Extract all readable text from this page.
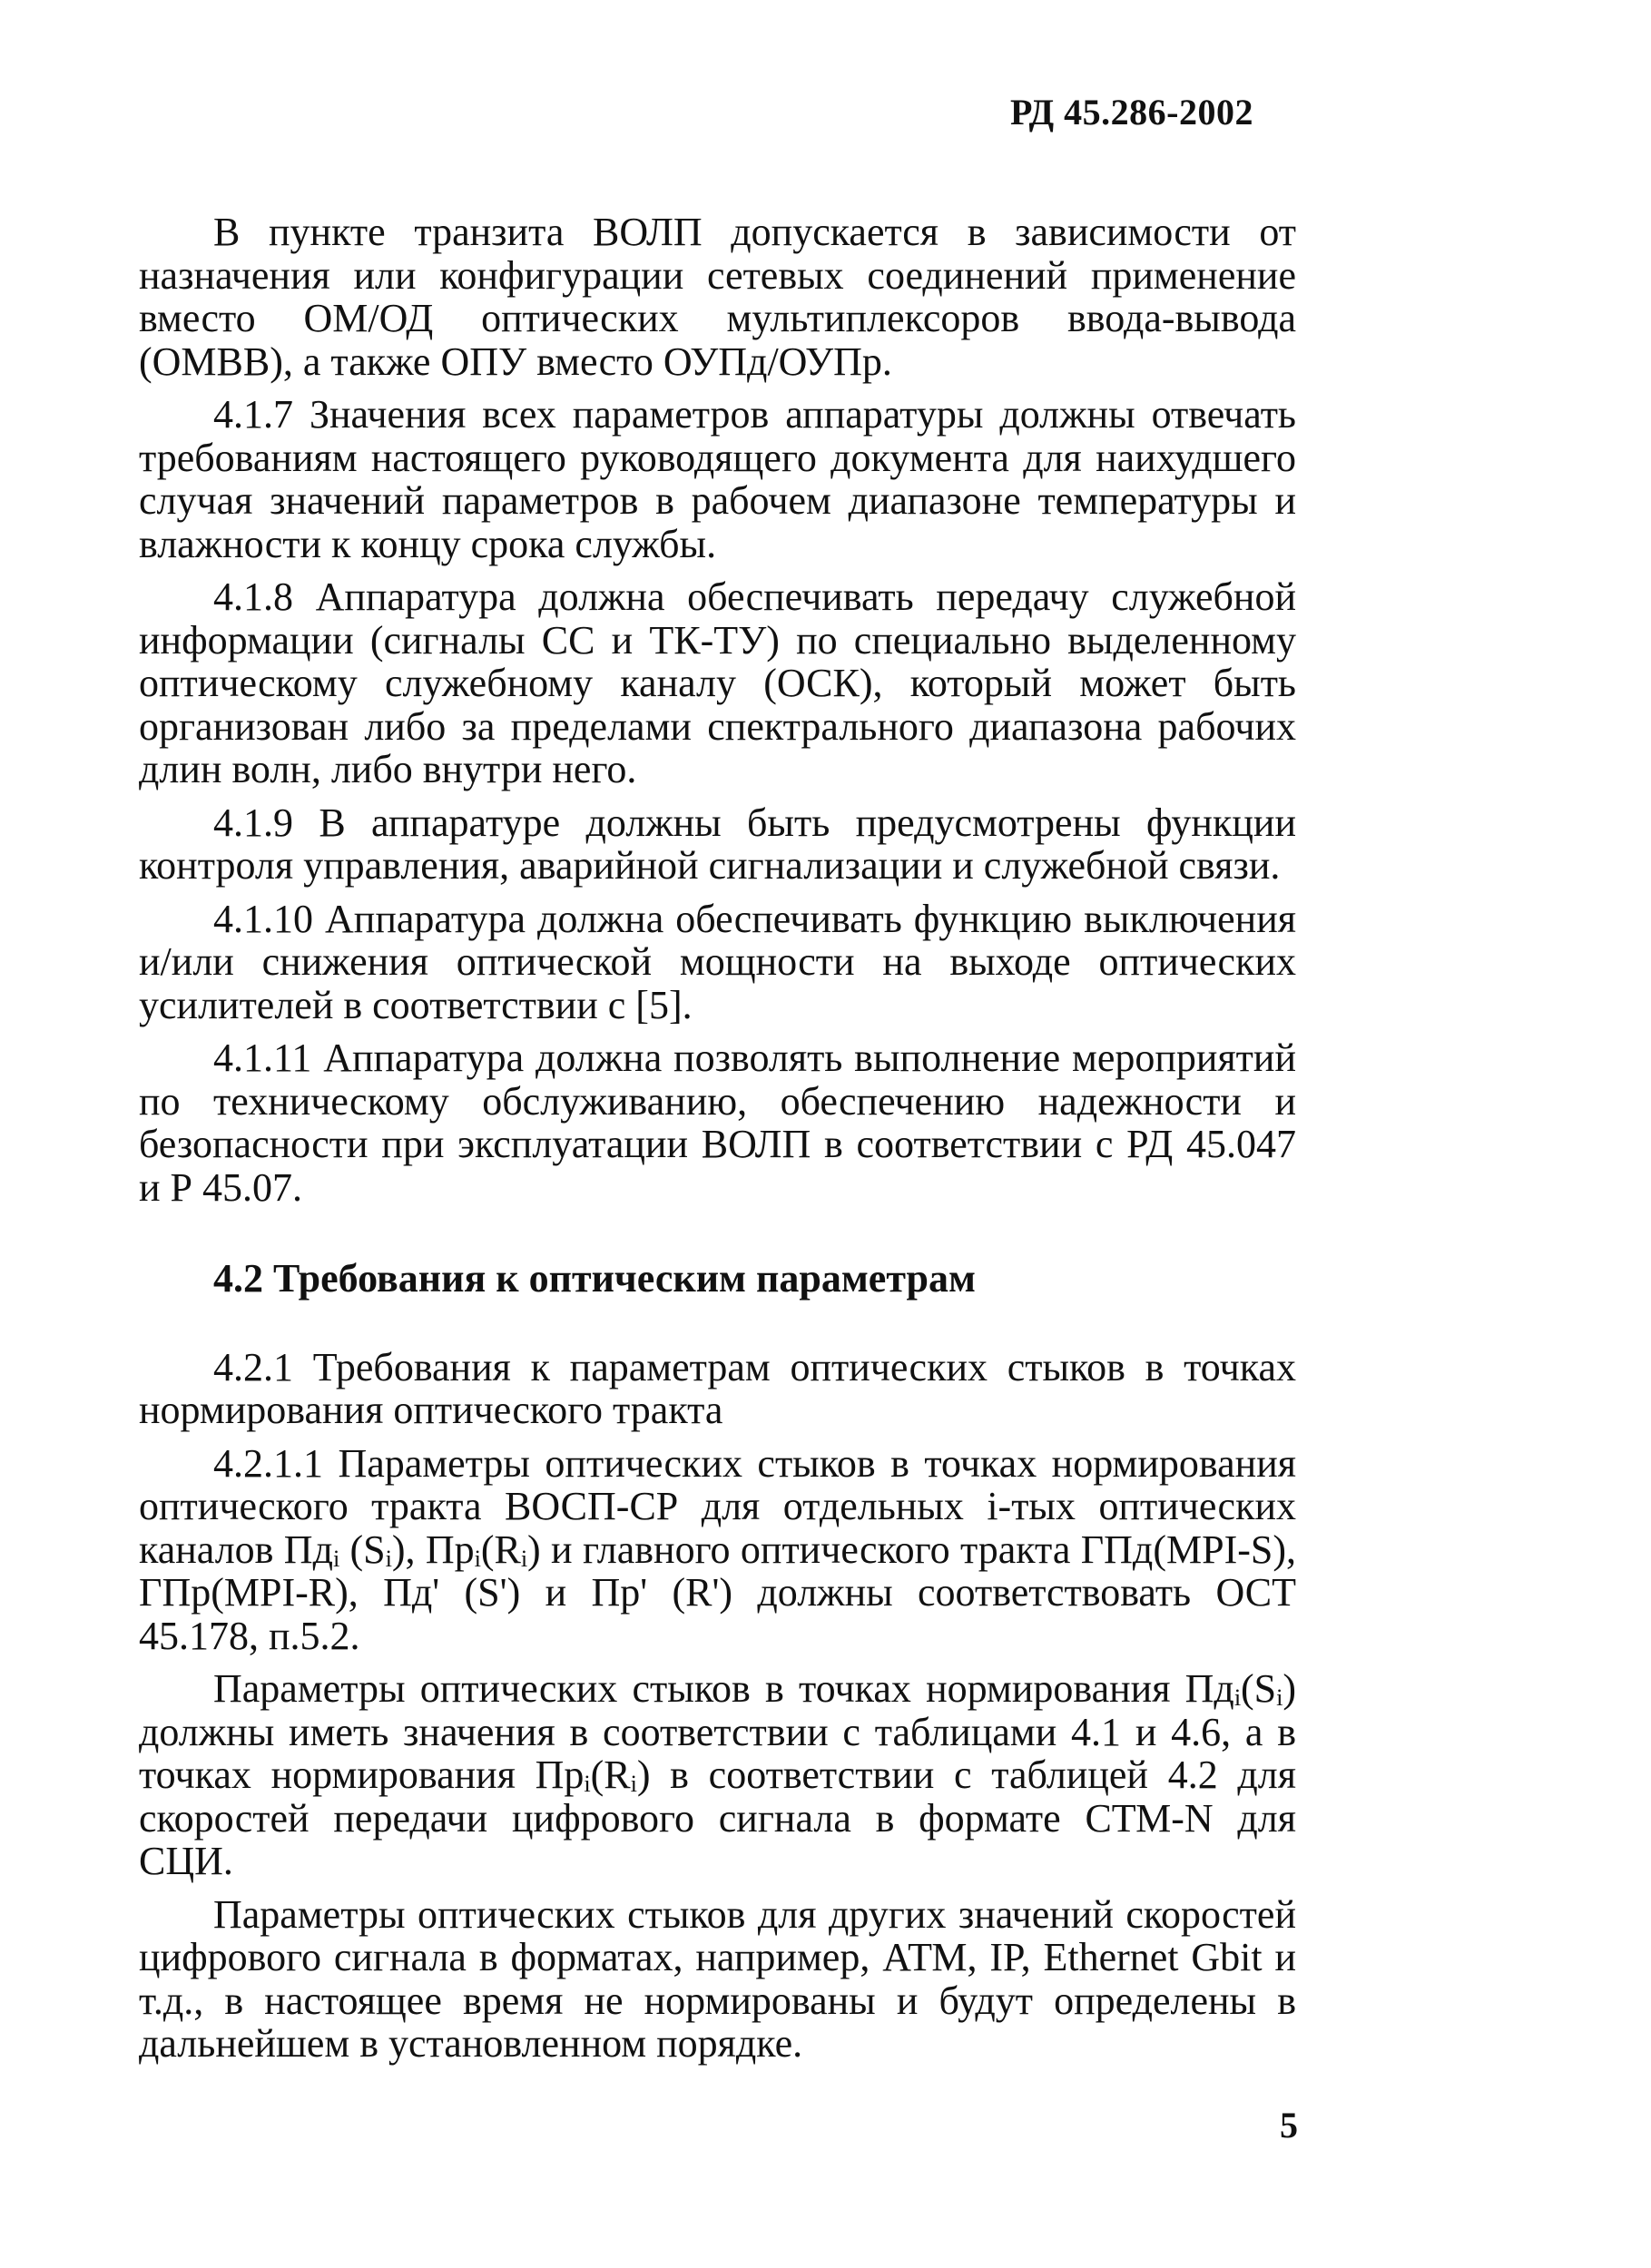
РД 45.286-2002

В пункте транзита ВОЛП допускается в зависимости от назначения или конфигурации сетевых соединений применение вместо ОМ/ОД оптических мультиплексоров ввода-вывода (ОМВВ), а также ОПУ вместо ОУПд/ОУПр.

4.1.7 Значения всех параметров аппаратуры должны отвечать требованиям настоящего руководящего документа для наихудшего случая значений параметров в рабочем диапазоне температуры и влажности к концу срока службы.

4.1.8 Аппаратура должна обеспечивать передачу служебной информации (сигналы СС и ТК-ТУ) по специально выделенному оптическому служебному каналу (ОСК), который может быть организован либо за пределами спектрального диапазона рабочих длин волн, либо внутри него.

4.1.9 В аппаратуре должны быть предусмотрены функции контроля управления, аварийной сигнализации и служебной связи.

4.1.10 Аппаратура должна обеспечивать функцию выключения и/или снижения оптической мощности на выходе оптических усилителей в соответствии с [5].

4.1.11 Аппаратура должна позволять выполнение мероприятий по техническому обслуживанию, обеспечению надежности и безопасности при эксплуатации ВОЛП в соответствии с РД 45.047 и Р 45.07.

4.2 Требования к оптическим параметрам

4.2.1 Требования к параметрам оптических стыков в точках нормирования оптического тракта

4.2.1.1 Параметры оптических стыков в точках нормирования оптического тракта ВОСП-СР для отдельных i-тых оптических каналов Пдᵢ (Sᵢ), Прᵢ(Rᵢ) и главного оптического тракта ГПд(MPI-S), ГПр(MPI-R), Пд' (S') и Пр' (R') должны соответствовать ОСТ 45.178, п.5.2.

Параметры оптических стыков в точках нормирования Пдᵢ(Sᵢ) должны иметь значения в соответствии с таблицами 4.1 и 4.6, а в точках нормирования Прᵢ(Rᵢ) в соответствии с таблицей 4.2 для скоростей передачи цифрового сигнала в формате СТМ-N для СЦИ.

Параметры оптических стыков для других значений скоростей цифрового сигнала в форматах, например, АТМ, IP, Ethernet Gbit и т.д., в настоящее время не нормированы и будут определены в дальнейшем в установленном порядке.

5
